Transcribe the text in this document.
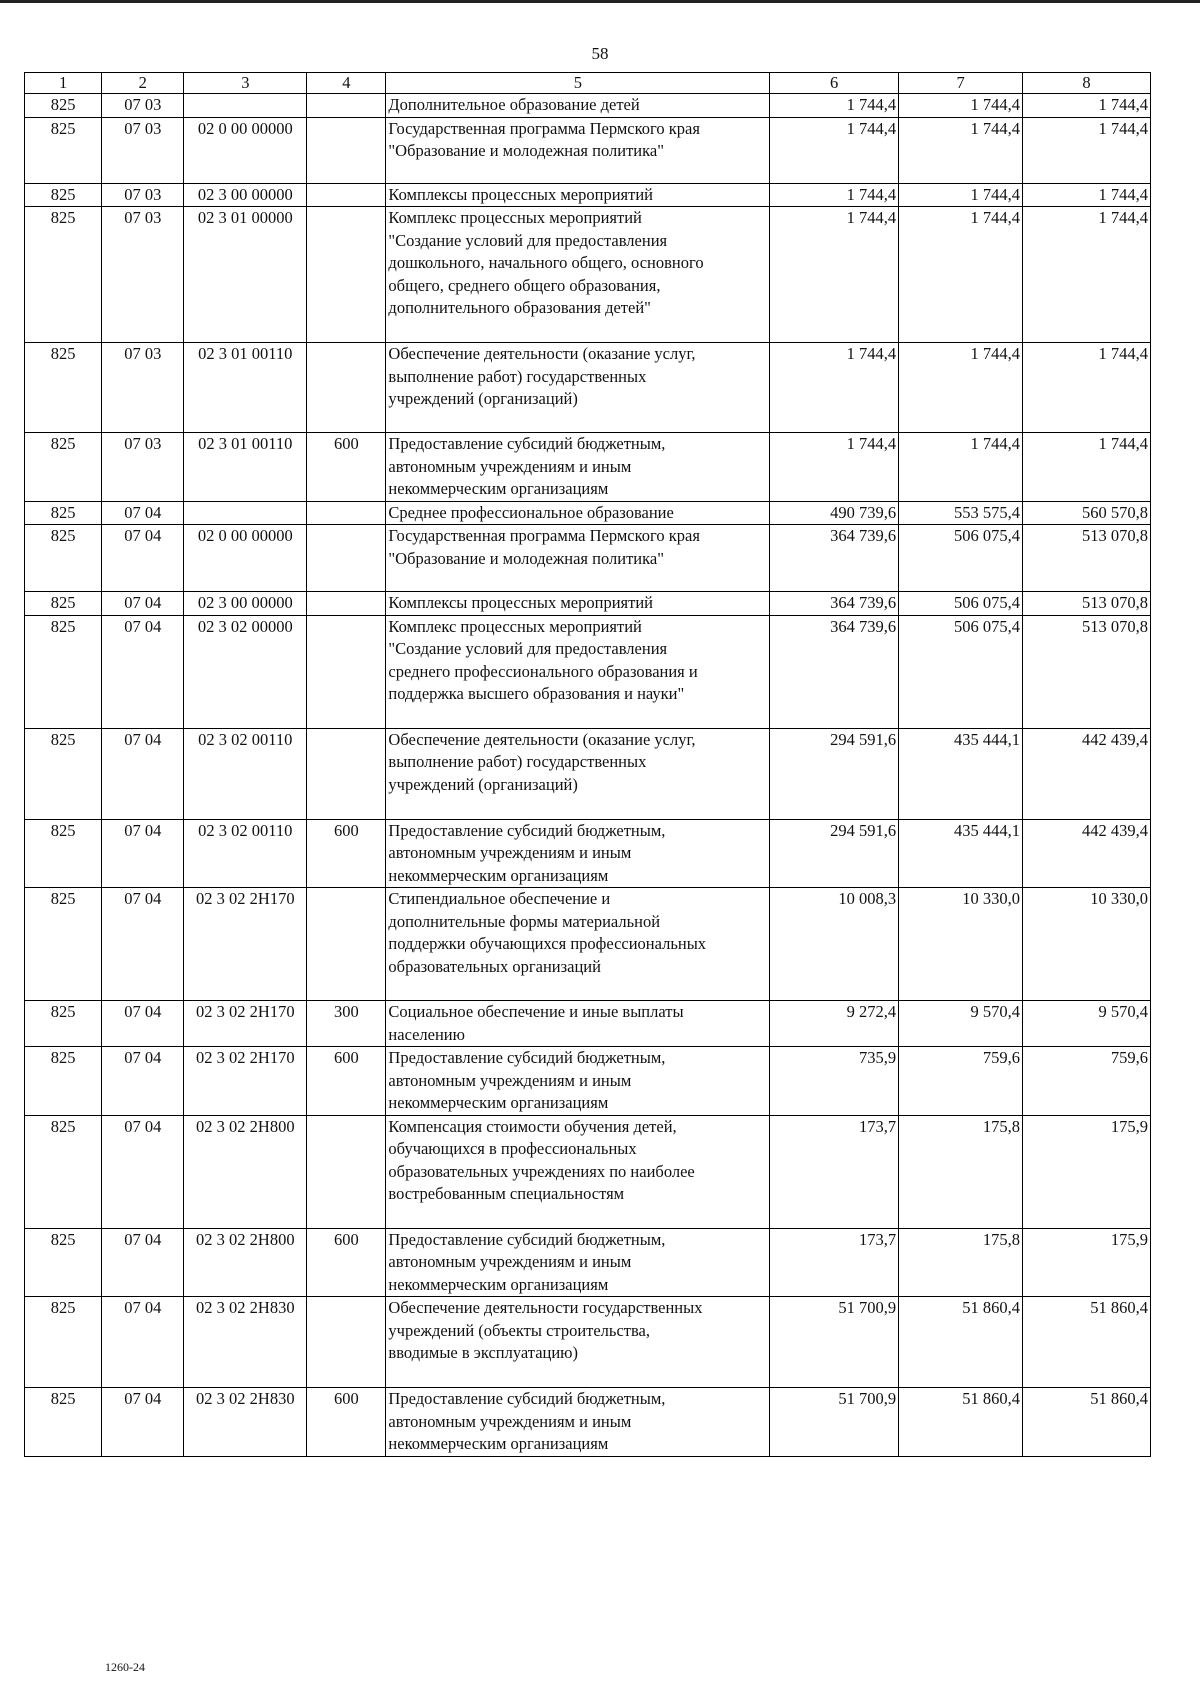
58
1	2	3	4	5	6	7	8
825	07 03			Дополнительное образование детей	1 744,4	1 744,4	1 744,4
825	07 03	02 0 00 00000		Государственная программа Пермского края
"Образование и молодежная политика"	1 744,4	1 744,4	1 744,4
825	07 03	02 3 00 00000		Комплексы процессных мероприятий	1 744,4	1 744,4	1 744,4
825	07 03	02 3 01 00000		Комплекс процессных мероприятий
"Создание условий для предоставления
дошкольного, начального общего, основного
общего, среднего общего образования,
дополнительного образования детей"	1 744,4	1 744,4	1 744,4
825	07 03	02 3 01 00110		Обеспечение деятельности (оказание услуг,
выполнение работ) государственных
учреждений (организаций)	1 744,4	1 744,4	1 744,4
825	07 03	02 3 01 00110	600	Предоставление субсидий бюджетным,
автономным учреждениям и иным
некоммерческим организациям	1 744,4	1 744,4	1 744,4
825	07 04			Среднее профессиональное образование	490 739,6	553 575,4	560 570,8
825	07 04	02 0 00 00000		Государственная программа Пермского края
"Образование и молодежная политика"	364 739,6	506 075,4	513 070,8
825	07 04	02 3 00 00000		Комплексы процессных мероприятий	364 739,6	506 075,4	513 070,8
825	07 04	02 3 02 00000		Комплекс процессных мероприятий
"Создание условий для предоставления
среднего профессионального образования и
поддержка высшего образования и науки"	364 739,6	506 075,4	513 070,8
825	07 04	02 3 02 00110		Обеспечение деятельности (оказание услуг,
выполнение работ) государственных
учреждений (организаций)	294 591,6	435 444,1	442 439,4
825	07 04	02 3 02 00110	600	Предоставление субсидий бюджетным,
автономным учреждениям и иным
некоммерческим организациям	294 591,6	435 444,1	442 439,4
825	07 04	02 3 02 2Н170		Стипендиальное обеспечение и
дополнительные формы материальной
поддержки обучающихся профессиональных
образовательных организаций	10 008,3	10 330,0	10 330,0
825	07 04	02 3 02 2Н170	300	Социальное обеспечение и иные выплаты
населению	9 272,4	9 570,4	9 570,4
825	07 04	02 3 02 2Н170	600	Предоставление субсидий бюджетным,
автономным учреждениям и иным
некоммерческим организациям	735,9	759,6	759,6
825	07 04	02 3 02 2Н800		Компенсация стоимости обучения детей,
обучающихся в профессиональных
образовательных учреждениях по наиболее
востребованным специальностям	173,7	175,8	175,9
825	07 04	02 3 02 2Н800	600	Предоставление субсидий бюджетным,
автономным учреждениям и иным
некоммерческим организациям	173,7	175,8	175,9
825	07 04	02 3 02 2Н830		Обеспечение деятельности государственных
учреждений (объекты строительства,
вводимые в эксплуатацию)	51 700,9	51 860,4	51 860,4
825	07 04	02 3 02 2Н830	600	Предоставление субсидий бюджетным,
автономным учреждениям и иным
некоммерческим организациям	51 700,9	51 860,4	51 860,4
1260-24
